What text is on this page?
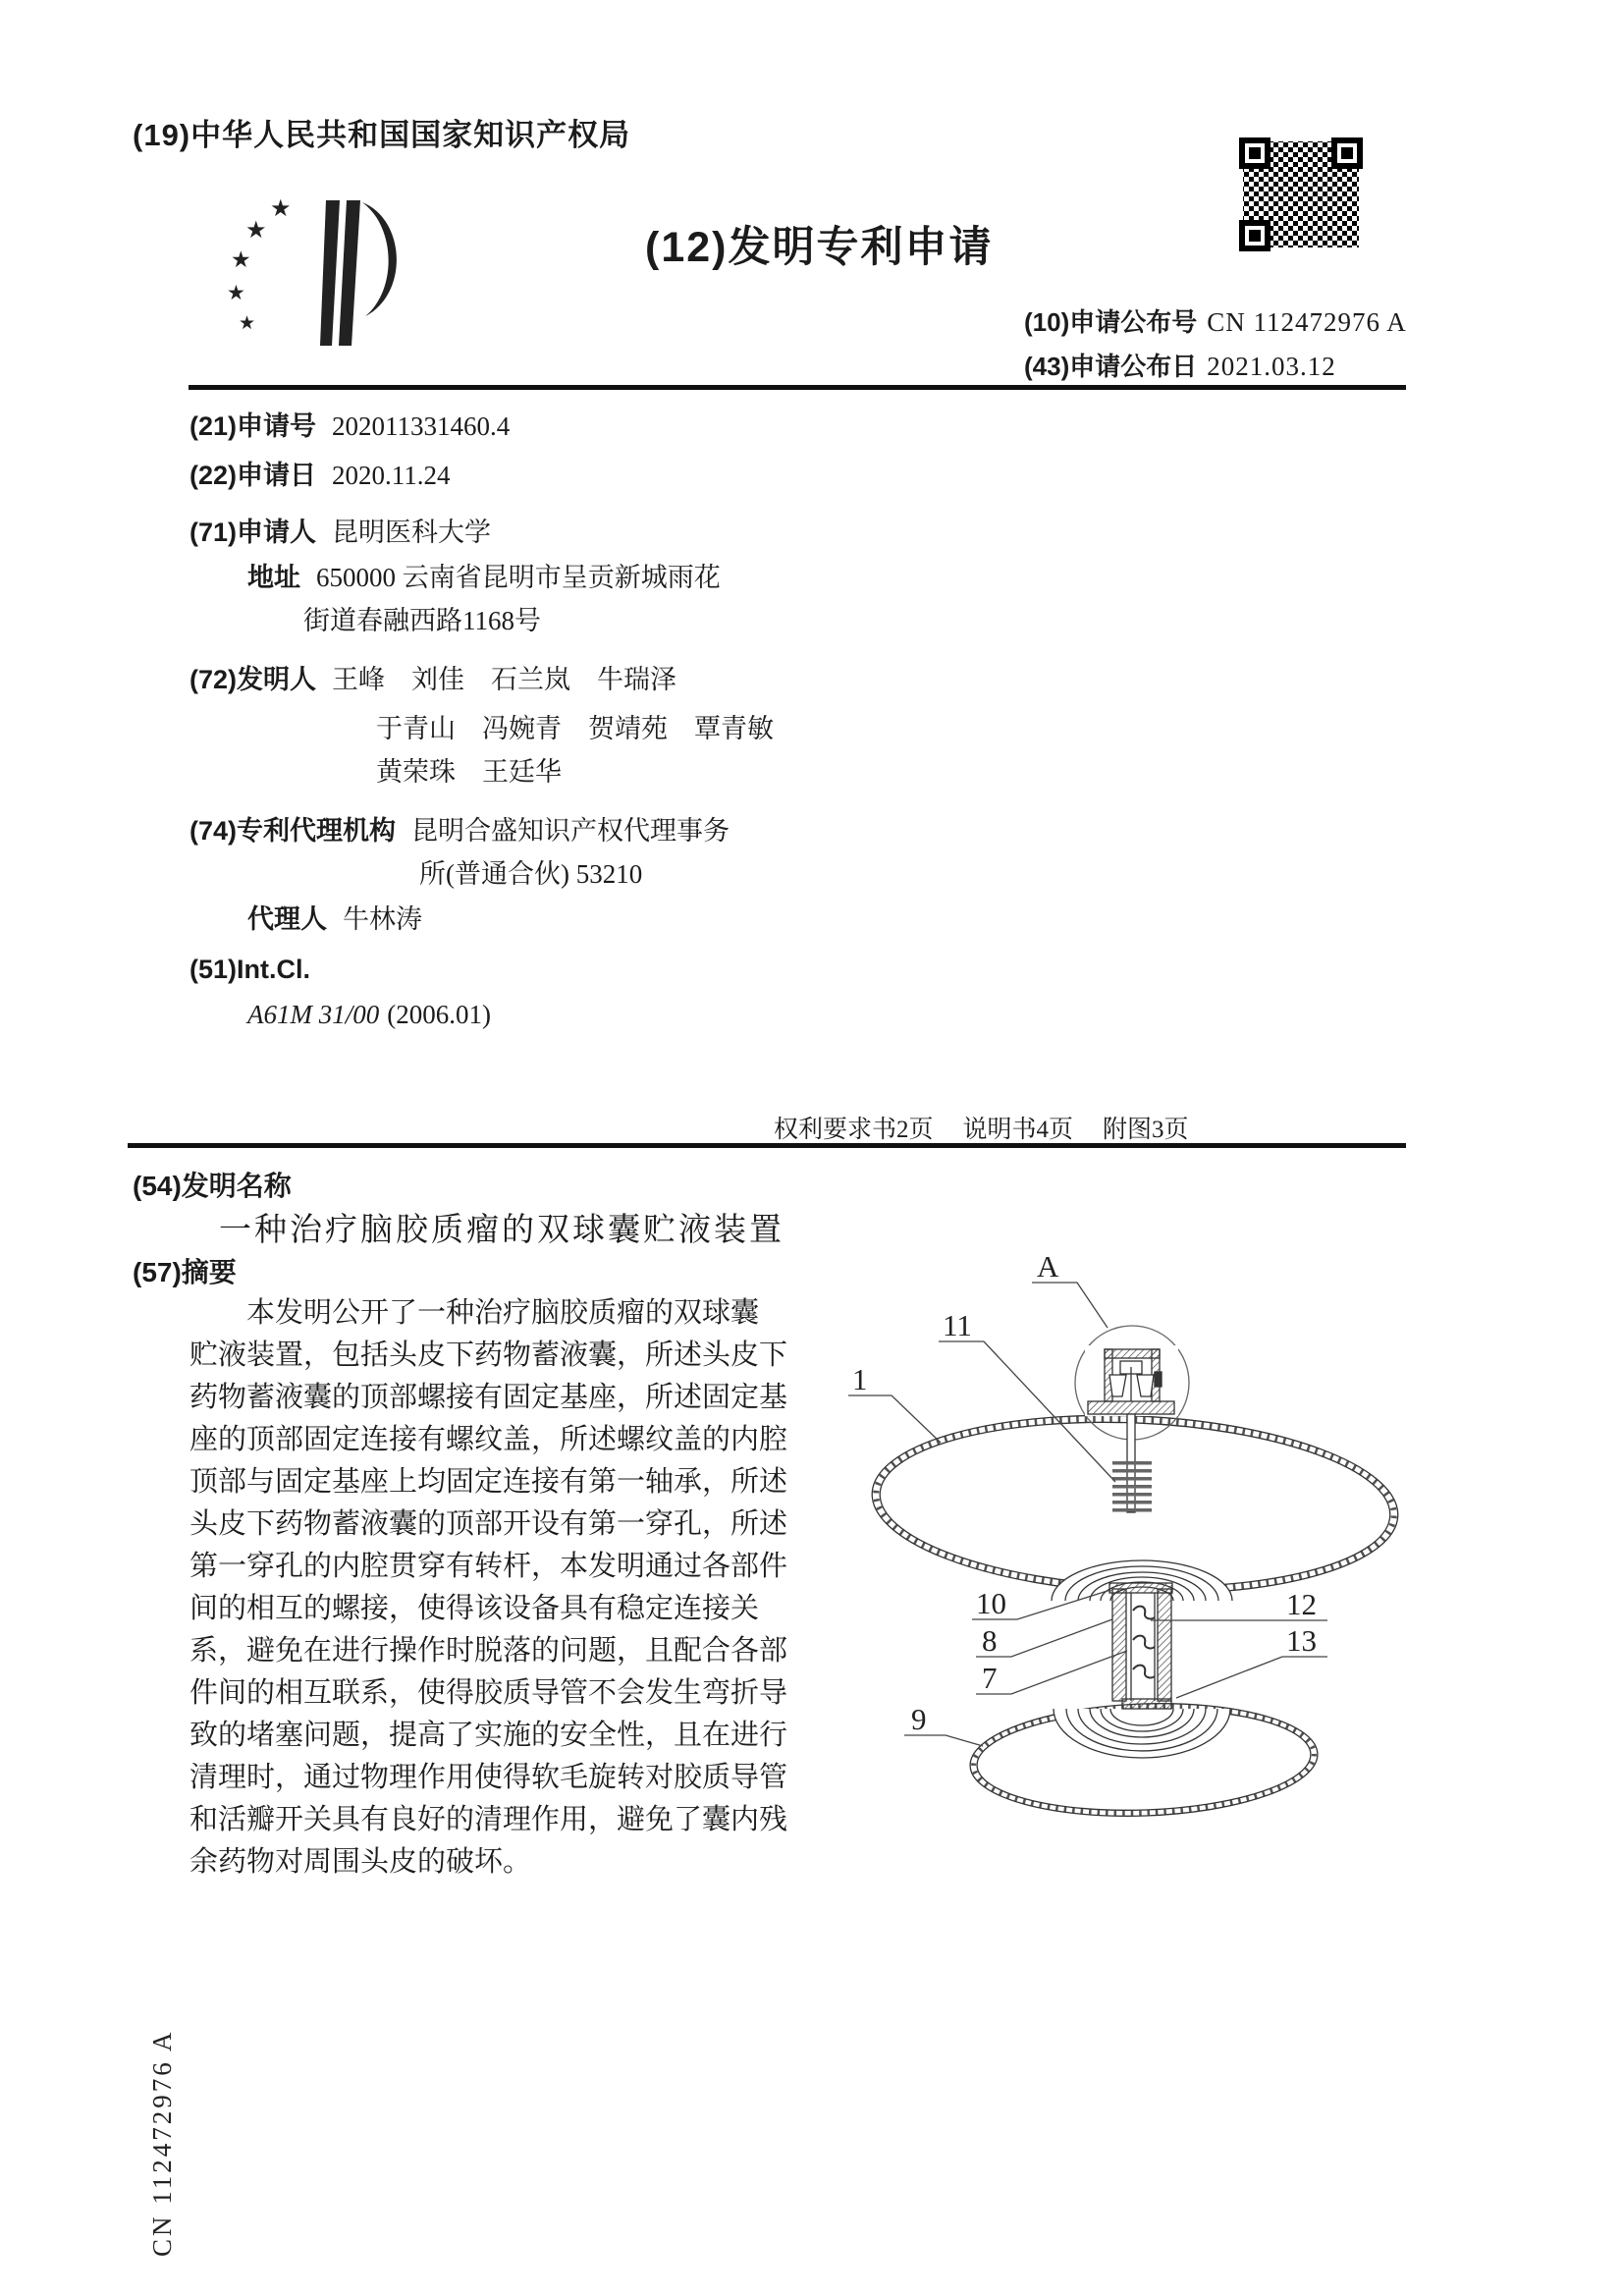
(19)中华人民共和国国家知识产权局
★
★
★
★
★
(12)发明专利申请
(10)申请公布号 CN 112472976 A
(43)申请公布日 2021.03.12
(21)申请号 202011331460.4
(22)申请日 2020.11.24
(71)申请人 昆明医科大学
地址 650000 云南省昆明市呈贡新城雨花
街道春融西路1168号
(72)发明人 王峰　刘佳　石兰岚　牛瑞泽
于青山　冯婉青　贺靖苑　覃青敏
黄荣珠　王廷华
(74)专利代理机构 昆明合盛知识产权代理事务
所(普通合伙) 53210
代理人 牛林涛
(51)Int.Cl.
A61M 31/00 (2006.01)
权利要求书2页 说明书4页 附图3页
(54)发明名称
一种治疗脑胶质瘤的双球囊贮液装置
(57)摘要
本发明公开了一种治疗脑胶质瘤的双球囊
贮液装置，包括头皮下药物蓄液囊，所述头皮下
药物蓄液囊的顶部螺接有固定基座，所述固定基
座的顶部固定连接有螺纹盖，所述螺纹盖的内腔
顶部与固定基座上均固定连接有第一轴承，所述
头皮下药物蓄液囊的顶部开设有第一穿孔，所述
第一穿孔的内腔贯穿有转杆，本发明通过各部件
间的相互的螺接，使得该设备具有稳定连接关
系，避免在进行操作时脱落的问题，且配合各部
件间的相互联系，使得胶质导管不会发生弯折导
致的堵塞问题，提高了实施的安全性，且在进行
清理时，通过物理作用使得软毛旋转对胶质导管
和活瓣开关具有良好的清理作用，避免了囊内残
余药物对周围头皮的破坏。
CN 112472976 A
A
1
11
10
8
7
9
12
13
